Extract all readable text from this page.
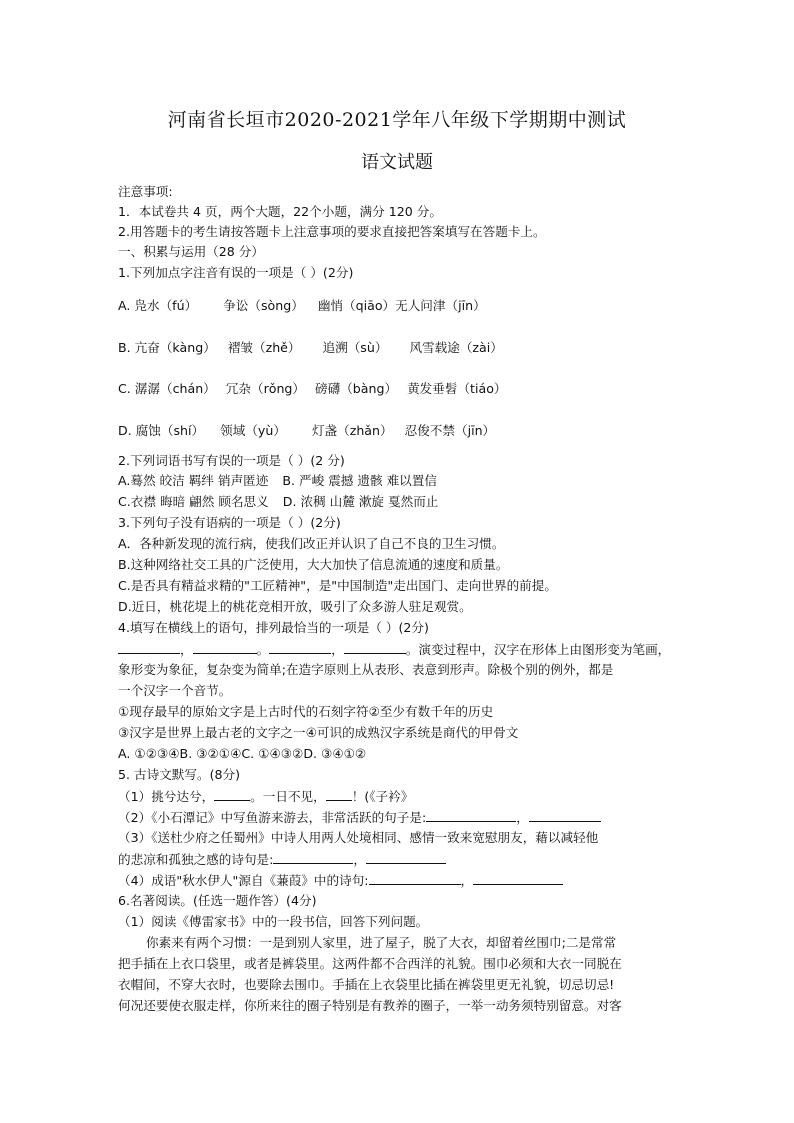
河南省长垣市2020-2021学年八年级下学期期中测试
语文试题
注意事项:
1．本试卷共 4 页，两个大题，22个小题，满分 120 分。
2.用答题卡的考生请按答题卡上注意事项的要求直接把答案填写在答题卡上。
一、积累与运用（28 分）
1.下列加点字注音有误的一项是（ ）(2分)
A. 凫水（fú） 争讼（sòng） 幽悄（qiāo）无人问津（jīn）
B. 亢奋（kàng） 褶皱（zhě） 追溯（sù） 风雪载途（zài）
C. 潺潺（chán） 冗杂（rǒng） 磅礴（bàng） 黄发垂髫（tiáo）
D. 腐蚀（shí） 领域（yù） 灯盏（zhǎn） 忍俊不禁（jīn）
2.下列词语书写有误的一项是（ ）(2 分)
A.蓦然 皎洁 羁绊 销声匿迹 B. 严峻 震撼 遗骸 难以置信
C.衣襟 晦暗 翩然 顾名思义 D. 浓稠 山麓 漱旋 戛然而止
3.下列句子没有语病的一项是（ ）(2分)
A．各种新发现的流行病，使我们改正并认识了自己不良的卫生习惯。
B.这种网络社交工具的广泛使用，大大加快了信息流通的速度和质量。
C.是否具有精益求精的"工匠精神"，是"中国制造"走出国门、走向世界的前提。
D.近日，桃花堤上的桃花竞相开放，吸引了众多游人驻足观赏。
4.填写在横线上的语句，排列最恰当的一项是（ ）(2分)
，	。	，	。演变过程中，汉字在形体上由图形变为笔画，
象形变为象征，复杂变为简单;在造字原则上从表形、表意到形声。除极个别的例外，都是
一个汉字一个音节。
①现存最早的原始文字是上古时代的石刻字符②至少有数千年的历史
③汉字是世界上最古老的文字之一④可识的成熟汉字系统是商代的甲骨文
A. ①②③④B. ③②①④C. ①④③②D. ③④①②
5. 古诗文默写。(8分)
（1）挑兮达兮，	。一日不见， ！(《子衿》
（2）《小石潭记》中写鱼游来游去，非常活跃的句子是:	，
（3）《送杜少府之任蜀州》中诗人用两人处境相同、感情一致来宽慰朋友，藉以减轻他
的悲凉和孤独之感的诗句是:	，
（4）成语"秋水伊人"源自《蒹葭》中的诗句:	，
6.名著阅读。(任选一题作答）(4分)
（1）阅读《傅雷家书》中的一段书信，回答下列问题。
你素来有两个习惯：一是到别人家里，进了屋子，脱了大衣，却留着丝围巾;二是常常
把手插在上衣口袋里，或者是裤袋里。这两件都不合西洋的礼貌。围巾必须和大衣一同脱在
衣帽间，不穿大衣时，也要除去围巾。手插在上衣袋里比插在裤袋里更无礼貌，切忌切忌!
何况还要使衣服走样，你所来往的圈子特别是有教养的圈子，一举一动务须特别留意。对客
